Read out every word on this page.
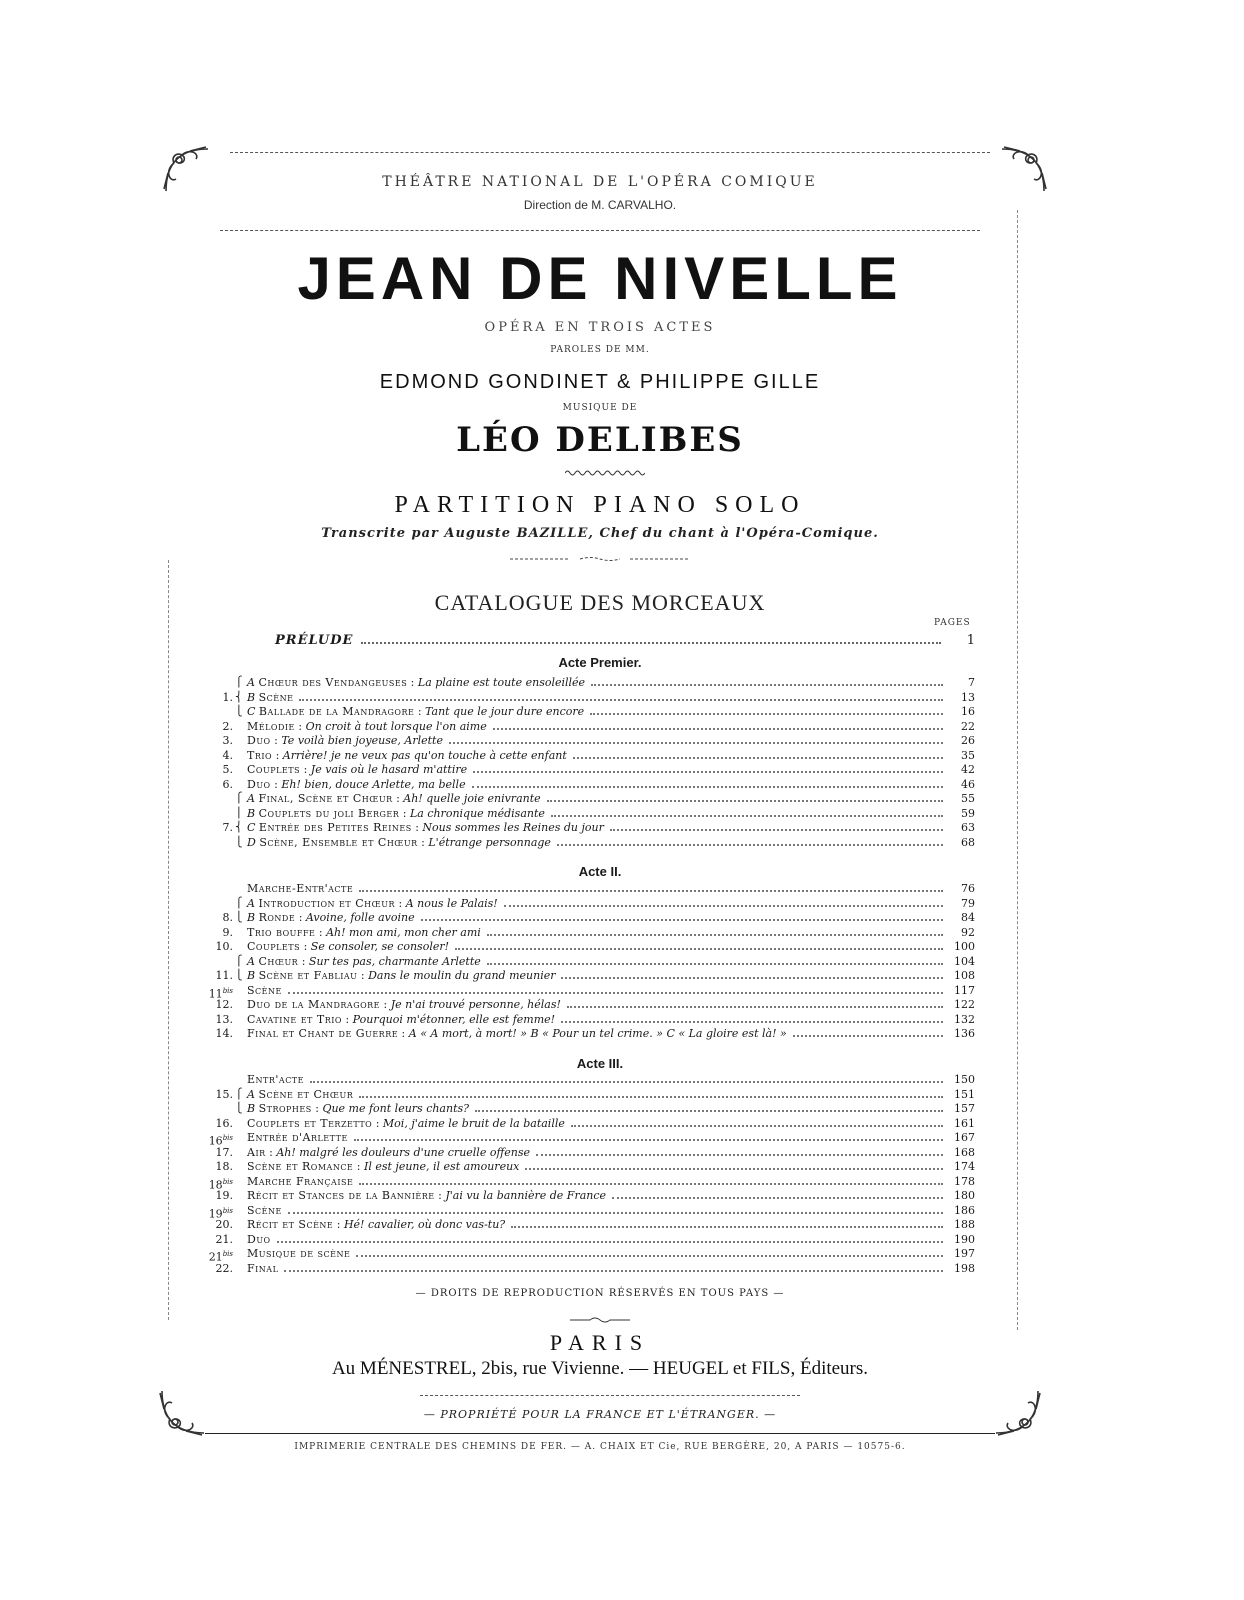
THÉÂTRE NATIONAL DE L'OPÉRA COMIQUE
Direction de M. CARVALHO.
JEAN DE NIVELLE
OPÉRA EN TROIS ACTES
PAROLES DE MM.
EDMOND GONDINET & PHILIPPE GILLE
MUSIQUE DE
LÉO DELIBES
PARTITION PIANO SOLO
Transcrite par Auguste BAZILLE, Chef du chant à l'Opéra-Comique.
CATALOGUE DES MORCEAUX
PAGES
PRÉLUDE	1
Acte Premier.
⎧ A Chœur des Vendangeuses : La plaine est toute ensoleillée	7
1. ⎨ B Scène	13
⎩ C Ballade de la Mandragore : Tant que le jour dure encore	16
2. Mélodie : On croit à tout lorsque l'on aime	22
3. Duo : Te voilà bien joyeuse, Arlette	26
4. Trio : Arrière! je ne veux pas qu'on touche à cette enfant	35
5. Couplets : Je vais où le hasard m'attire	42
6. Duo : Eh! bien, douce Arlette, ma belle	46
⎧ A Final, Scène et Chœur : Ah! quelle joie enivrante	55
⎪ B Couplets du joli Berger : La chronique médisante	59
7. ⎨ C Entrée des Petites Reines : Nous sommes les Reines du jour	63
⎩ D Scène, Ensemble et Chœur : L'étrange personnage	68
Acte II.
Marche-Entr'acte	76
⎧ A Introduction et Chœur : A nous le Palais!	79
8. ⎩ B Ronde : Avoine, folle avoine	84
9. Trio bouffe : Ah! mon ami, mon cher ami	92
10. Couplets : Se consoler, se consoler!	100
⎧ A Chœur : Sur tes pas, charmante Arlette	104
11. ⎩ B Scène et Fabliau : Dans le moulin du grand meunier	108
$11^{bis}$ Scène	117
12. Duo de la Mandragore : Je n'ai trouvé personne, hélas!	122
13. Cavatine et Trio : Pourquoi m'étonner, elle est femme!	132
14. Final et Chant de Guerre : A « A mort, à mort! » B « Pour un tel crime. » C « La gloire est là! »	136
Acte III.
Entr'acte	150
15. ⎧ A Scène et Chœur	151
⎩ B Strophes : Que me font leurs chants?	157
16. Couplets et Terzetto : Moi, j'aime le bruit de la bataille	161
$16^{bis}$ Entrée d'Arlette	167
17. Air : Ah! malgré les douleurs d'une cruelle offense	168
18. Scène et Romance : Il est jeune, il est amoureux	174
$18^{bis}$ Marche Française	178
19. Récit et Stances de la Bannière : J'ai vu la bannière de France	180
$19^{bis}$ Scène	186
20. Récit et Scène : Hé! cavalier, où donc vas-tu?	188
21. Duo	190
$21^{bis}$ Musique de scène	197
22. Final	198
— DROITS DE REPRODUCTION RÉSERVÉS EN TOUS PAYS —
PARIS
Au MÉNESTREL, 2bis, rue Vivienne. — HEUGEL et FILS, Éditeurs.
— PROPRIÉTÉ POUR LA FRANCE ET L'ÉTRANGER. —
IMPRIMERIE CENTRALE DES CHEMINS DE FER. — A. CHAIX ET Cie, RUE BERGÈRE, 20, A PARIS — 10575-6.
